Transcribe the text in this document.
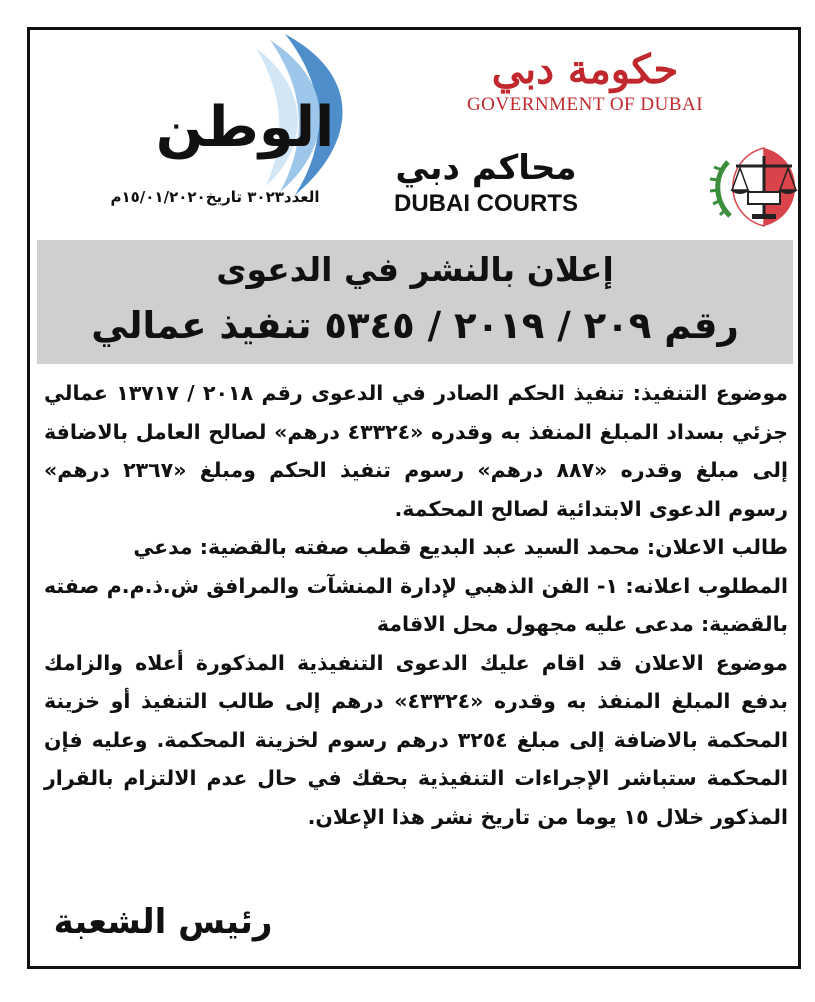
الوطن
العدد٣٠٢٣ تاريخ١٥/٠١/٢٠٢٠م
حكومة دبي
GOVERNMENT OF DUBAI
محاكم دبي
DUBAI COURTS
إعلان بالنشر في الدعوى
رقم ٢٠٩ / ٢٠١٩ / ٥٣٤٥ تنفيذ عمالي

موضوع التنفيذ: تنفيذ الحكم الصادر في الدعوى رقم ٢٠١٨ / ١٣٧١٧ عمالي جزئي بسداد المبلغ المنفذ به وقدره «٤٣٣٢٤ درهم» لصالح العامل بالاضافة إلى مبلغ وقدره «٨٨٧ درهم» رسوم تنفيذ الحكم ومبلغ «٢٣٦٧ درهم» رسوم الدعوى الابتدائية لصالح المحكمة.

طالب الاعلان: محمد السيد عبد البديع قطب صفته بالقضية: مدعي

المطلوب اعلانه: ١- الفن الذهبي لإدارة المنشآت والمرافق ش.ذ.م.م صفته بالقضية: مدعى عليه مجهول محل الاقامة

موضوع الاعلان قد اقام عليك الدعوى التنفيذية المذكورة أعلاه والزامك بدفع المبلغ المنفذ به وقدره «٤٣٣٢٤» درهم إلى طالب التنفيذ أو خزينة المحكمة بالاضافة إلى مبلغ ٣٢٥٤ درهم رسوم لخزينة المحكمة. وعليه فإن المحكمة ستباشر الإجراءات التنفيذية بحقك في حال عدم الالتزام بالقرار المذكور خلال ١٥ يوما من تاريخ نشر هذا الإعلان.

رئيس الشعبة
